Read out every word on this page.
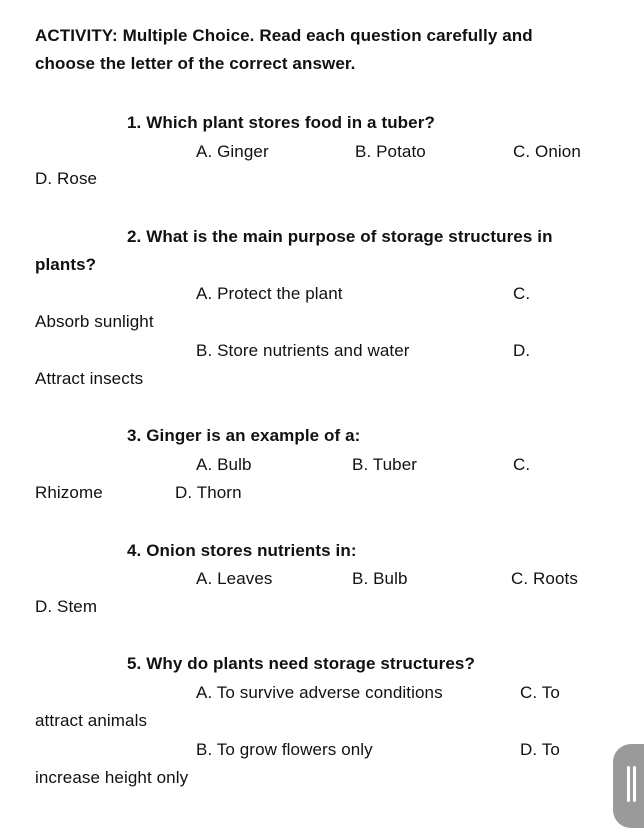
ACTIVITY: Multiple Choice. Read each question carefully and
choose the letter of the correct answer.
1. Which plant stores food in a tuber?
A. Ginger	B. Potato	C. Onion
D. Rose
2. What is the main purpose of storage structures in
plants?
A. Protect the plant	C.
Absorb sunlight
B. Store nutrients and water	D.
Attract insects
3. Ginger is an example of a:
A. Bulb	B. Tuber	C.
Rhizome	D. Thorn
4. Onion stores nutrients in:
A. Leaves	B. Bulb	C. Roots
D. Stem
5. Why do plants need storage structures?
A. To survive adverse conditions	C. To
attract animals
B. To grow flowers only	D. To
increase height only
